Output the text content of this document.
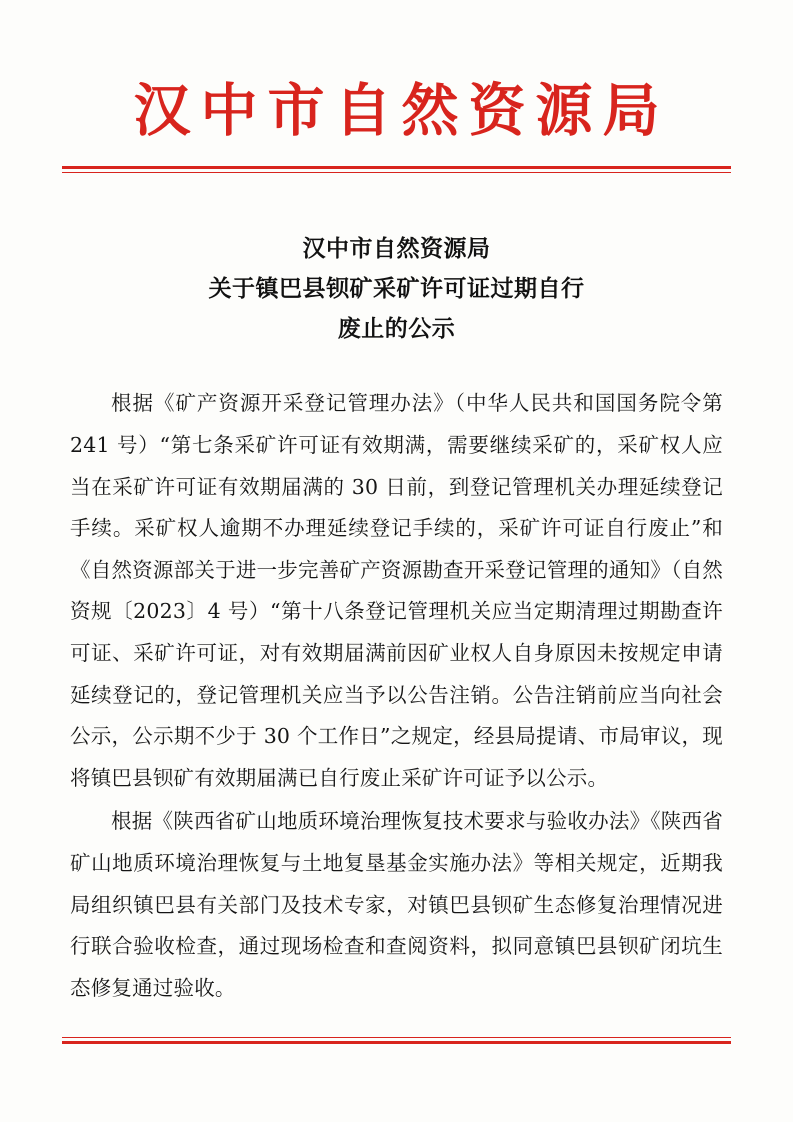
汉中市自然资源局
汉中市自然资源局
关于镇巴县钡矿采矿许可证过期自行
废止的公示

根据《矿产资源开采登记管理办法》（中华人民共和国国务院令第 241 号）“第七条采矿许可证有效期满，需要继续采矿的，采矿权人应当在采矿许可证有效期届满的 30 日前，到登记管理机关办理延续登记手续。采矿权人逾期不办理延续登记手续的，采矿许可证自行废止”和《自然资源部关于进一步完善矿产资源勘查开采登记管理的通知》（自然资规〔2023〕4 号）“第十八条登记管理机关应当定期清理过期勘查许可证、采矿许可证，对有效期届满前因矿业权人自身原因未按规定申请延续登记的，登记管理机关应当予以公告注销。公告注销前应当向社会公示，公示期不少于 30 个工作日”之规定，经县局提请、市局审议，现将镇巴县钡矿有效期届满已自行废止采矿许可证予以公示。

根据《陕西省矿山地质环境治理恢复技术要求与验收办法》《陕西省矿山地质环境治理恢复与土地复垦基金实施办法》等相关规定，近期我局组织镇巴县有关部门及技术专家，对镇巴县钡矿生态修复治理情况进行联合验收检查，通过现场检查和查阅资料，拟同意镇巴县钡矿闭坑生态修复通过验收。
